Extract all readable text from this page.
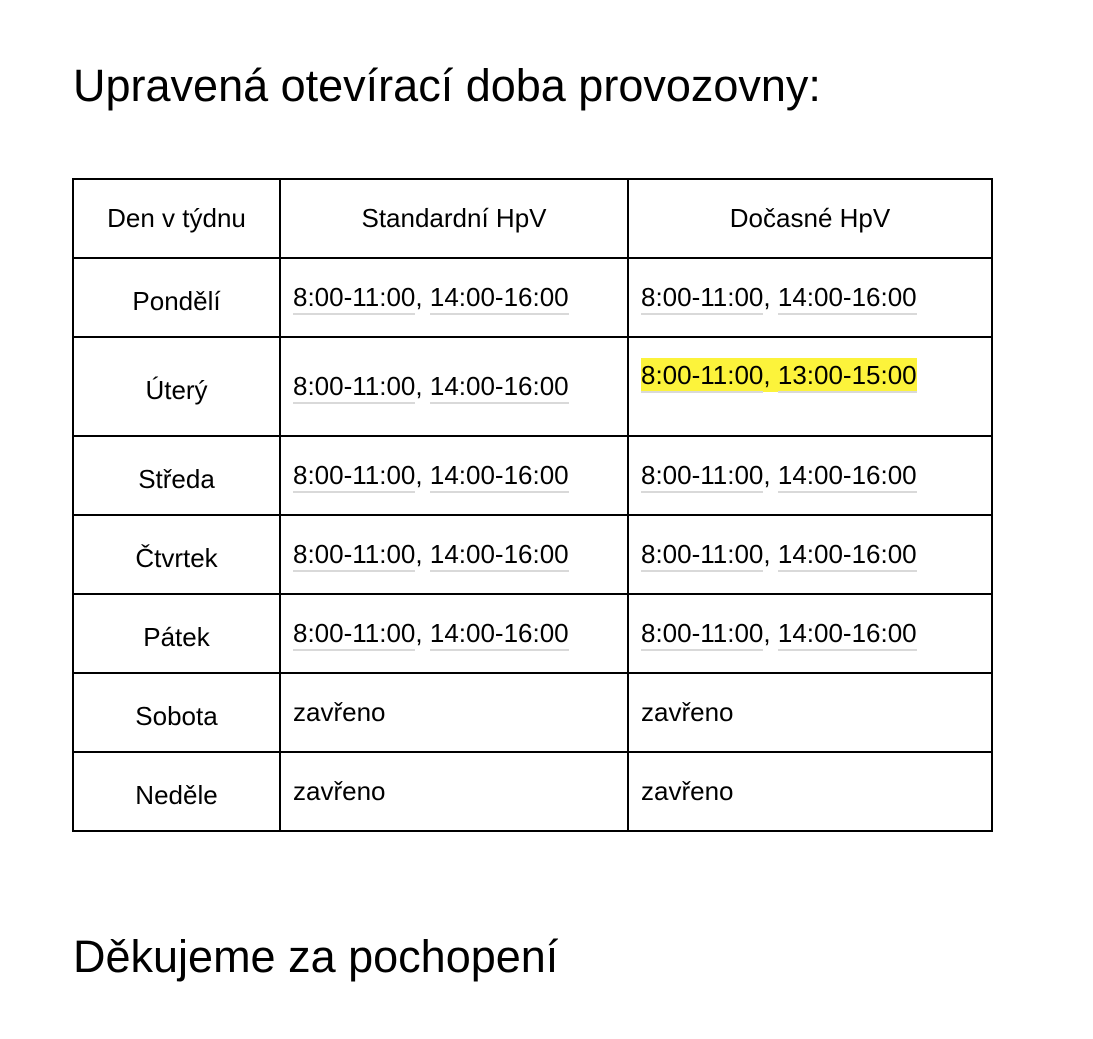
Upravená otevírací doba provozovny:
Den v týdnu	Standardní HpV	Dočasné HpV
Pondělí	8:00-11:00, 14:00-16:00	8:00-11:00, 14:00-16:00
Úterý	8:00-11:00, 14:00-16:00	8:00-11:00, 13:00-15:00
Středa	8:00-11:00, 14:00-16:00	8:00-11:00, 14:00-16:00
Čtvrtek	8:00-11:00, 14:00-16:00	8:00-11:00, 14:00-16:00
Pátek	8:00-11:00, 14:00-16:00	8:00-11:00, 14:00-16:00
Sobota	zavřeno	zavřeno
Neděle	zavřeno	zavřeno
Děkujeme za pochopení
